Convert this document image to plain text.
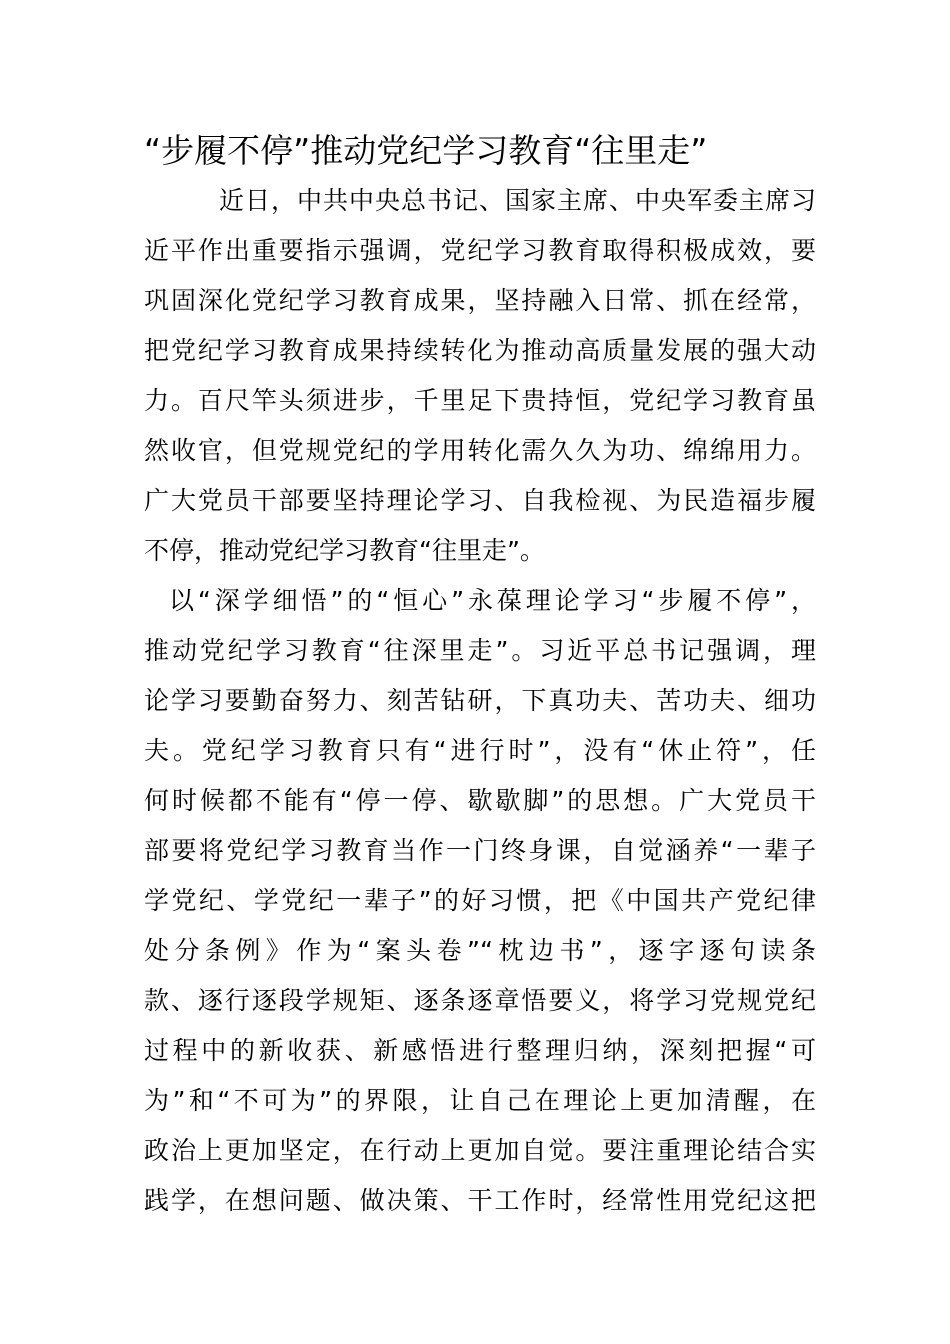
“步履不停”推动党纪学习教育“往里走”
近日，中共中央总书记、国家主席、中央军委主席习
近平作出重要指示强调，党纪学习教育取得积极成效，要
巩固深化党纪学习教育成果，坚持融入日常、抓在经常，
把党纪学习教育成果持续转化为推动高质量发展的强大动
力。百尺竿头须进步，千里足下贵持恒，党纪学习教育虽
然收官，但党规党纪的学用转化需久久为功、绵绵用力。
广大党员干部要坚持理论学习、自我检视、为民造福步履
不停，推动党纪学习教育“往里走”。
以“深学细悟”的“恒心”永葆理论学习“步履不停”，
推动党纪学习教育“往深里走”。习近平总书记强调，理
论学习要勤奋努力、刻苦钻研，下真功夫、苦功夫、细功
夫。党纪学习教育只有“进行时”，没有“休止符”，任
何时候都不能有“停一停、歇歇脚”的思想。广大党员干
部要将党纪学习教育当作一门终身课，自觉涵养“一辈子
学党纪、学党纪一辈子”的好习惯，把《中国共产党纪律
处分条例》作为“案头卷”“枕边书”，逐字逐句读条
款、逐行逐段学规矩、逐条逐章悟要义，将学习党规党纪
过程中的新收获、新感悟进行整理归纳，深刻把握“可
为”和“不可为”的界限，让自己在理论上更加清醒，在
政治上更加坚定，在行动上更加自觉。要注重理论结合实
践学，在想问题、做决策、干工作时，经常性用党纪这把
